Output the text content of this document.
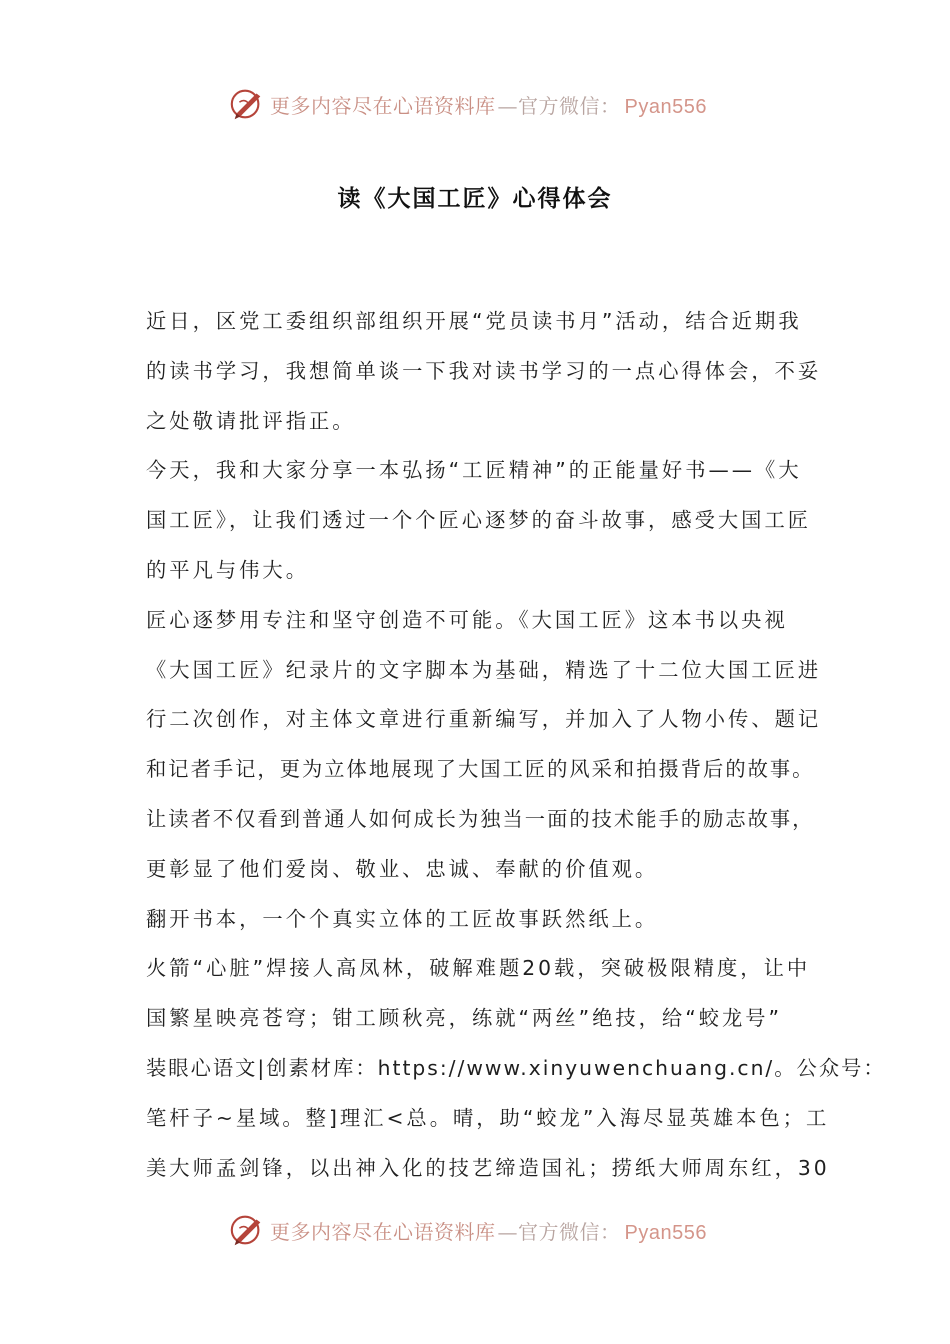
更多内容尽在心语资料库 —官方微信： Pyan556
读《大国工匠》心得体会
近日，区党工委组织部组织开展“党员读书月”活动，结合近期我
的读书学习，我想简单谈一下我对读书学习的一点心得体会，不妥
之处敬请批评指正。
今天，我和大家分享一本弘扬“工匠精神”的正能量好书——《大
国工匠》，让我们透过一个个匠心逐梦的奋斗故事，感受大国工匠
的平凡与伟大。
匠心逐梦用专注和坚守创造不可能。《大国工匠》这本书以央视
《大国工匠》纪录片的文字脚本为基础，精选了十二位大国工匠进
行二次创作，对主体文章进行重新编写，并加入了人物小传、题记
和记者手记，更为立体地展现了大国工匠的风采和拍摄背后的故事。
让读者不仅看到普通人如何成长为独当一面的技术能手的励志故事，
更彰显了他们爱岗、敬业、忠诚、奉献的价值观。
翻开书本，一个个真实立体的工匠故事跃然纸上。
火箭“心脏”焊接人高凤林，破解难题20载，突破极限精度，让中
国繁星映亮苍穹；钳工顾秋亮，练就“两丝”绝技，给“蛟龙号”
装眼心语文|创素材库：https://www.xinyuwenchuang.cn/。公众号：
笔杆子~星域。整]理汇<总。晴，助“蛟龙”入海尽显英雄本色；工
美大师孟剑锋，以出神入化的技艺缔造国礼；捞纸大师周东红，30
更多内容尽在心语资料库 —官方微信： Pyan556
